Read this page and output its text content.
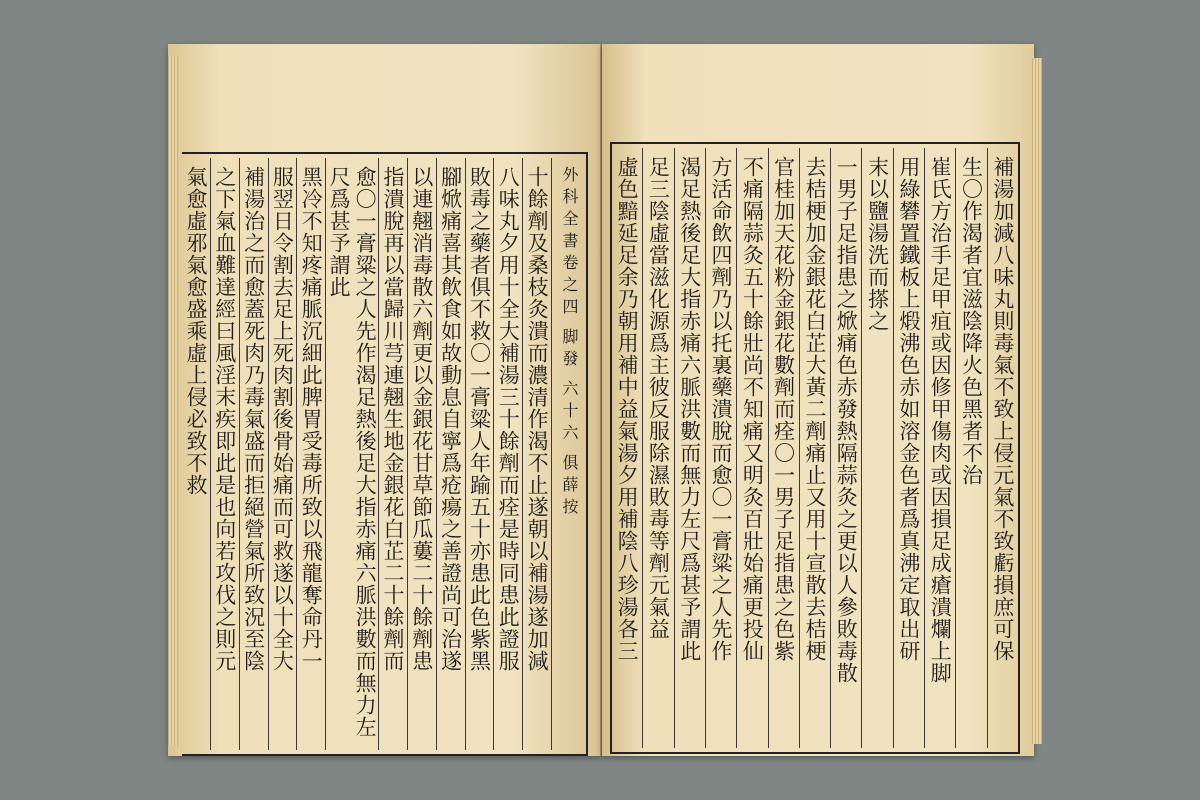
外科全書
卷之四
脚發
六十六
俱薛按
十餘劑及桑枝灸潰而濃清作渴不止遂朝以補湯遂加減
八味丸夕用十全大補湯三十餘劑而痊是時同患此證服
敗毒之藥者俱不救〇一膏粱人年踰五十亦患此色紫黑
腳焮痛喜其飲食如故動息自寧爲疮瘍之善證尚可治遂
以連翹消毒散六劑更以金銀花甘草節瓜蔞二十餘劑患
指潰脫再以當歸川芎連翹生地金銀花白芷二十餘劑而
愈〇一膏粱之人先作渴足熱後足大指赤痛六脈洪數而無力左尺爲甚予謂此
黑冷不知疼痛脈沉細此脾胃受毒所致以飛龍奪命丹一
服翌日令割去足上死肉割後骨始痛而可救遂以十全大
補湯治之而愈蓋死肉乃毒氣盛而拒絕營氣所致況至陰
之下氣血難達經曰風淫末疾即此是也向若攻伐之則元
氣愈虛邪氣愈盛乘虛上侵必致不救	補湯加減八味丸則毒氣不致上侵元氣不致虧損庶可保
生〇作渴者宜滋陰降火色黑者不治
崔氏方治手足甲疽或因修甲傷肉或因損足成瘡潰爛上脚
用綠礬置鐵板上煅沸色赤如溶金色者爲真沸定取出研
末以鹽湯洗而搽之
一男子足指患之焮痛色赤發熱隔蒜灸之更以人參敗毒散
去桔梗加金銀花白芷大黃二劑痛止又用十宣散去桔梗
官桂加天花粉金銀花數劑而痊〇一男子足指患之色紫
不痛隔蒜灸五十餘壯尚不知痛又明灸百壯始痛更投仙
方活命飲四劑乃以托裏藥潰脫而愈〇一膏粱之人先作
渴足熱後足大指赤痛六脈洪數而無力左尺爲甚予謂此
足三陰虛當滋化源爲主彼反服除濕敗毒等劑元氣益
虛色黯延足余乃朝用補中益氣湯夕用補陰八珍湯各三
